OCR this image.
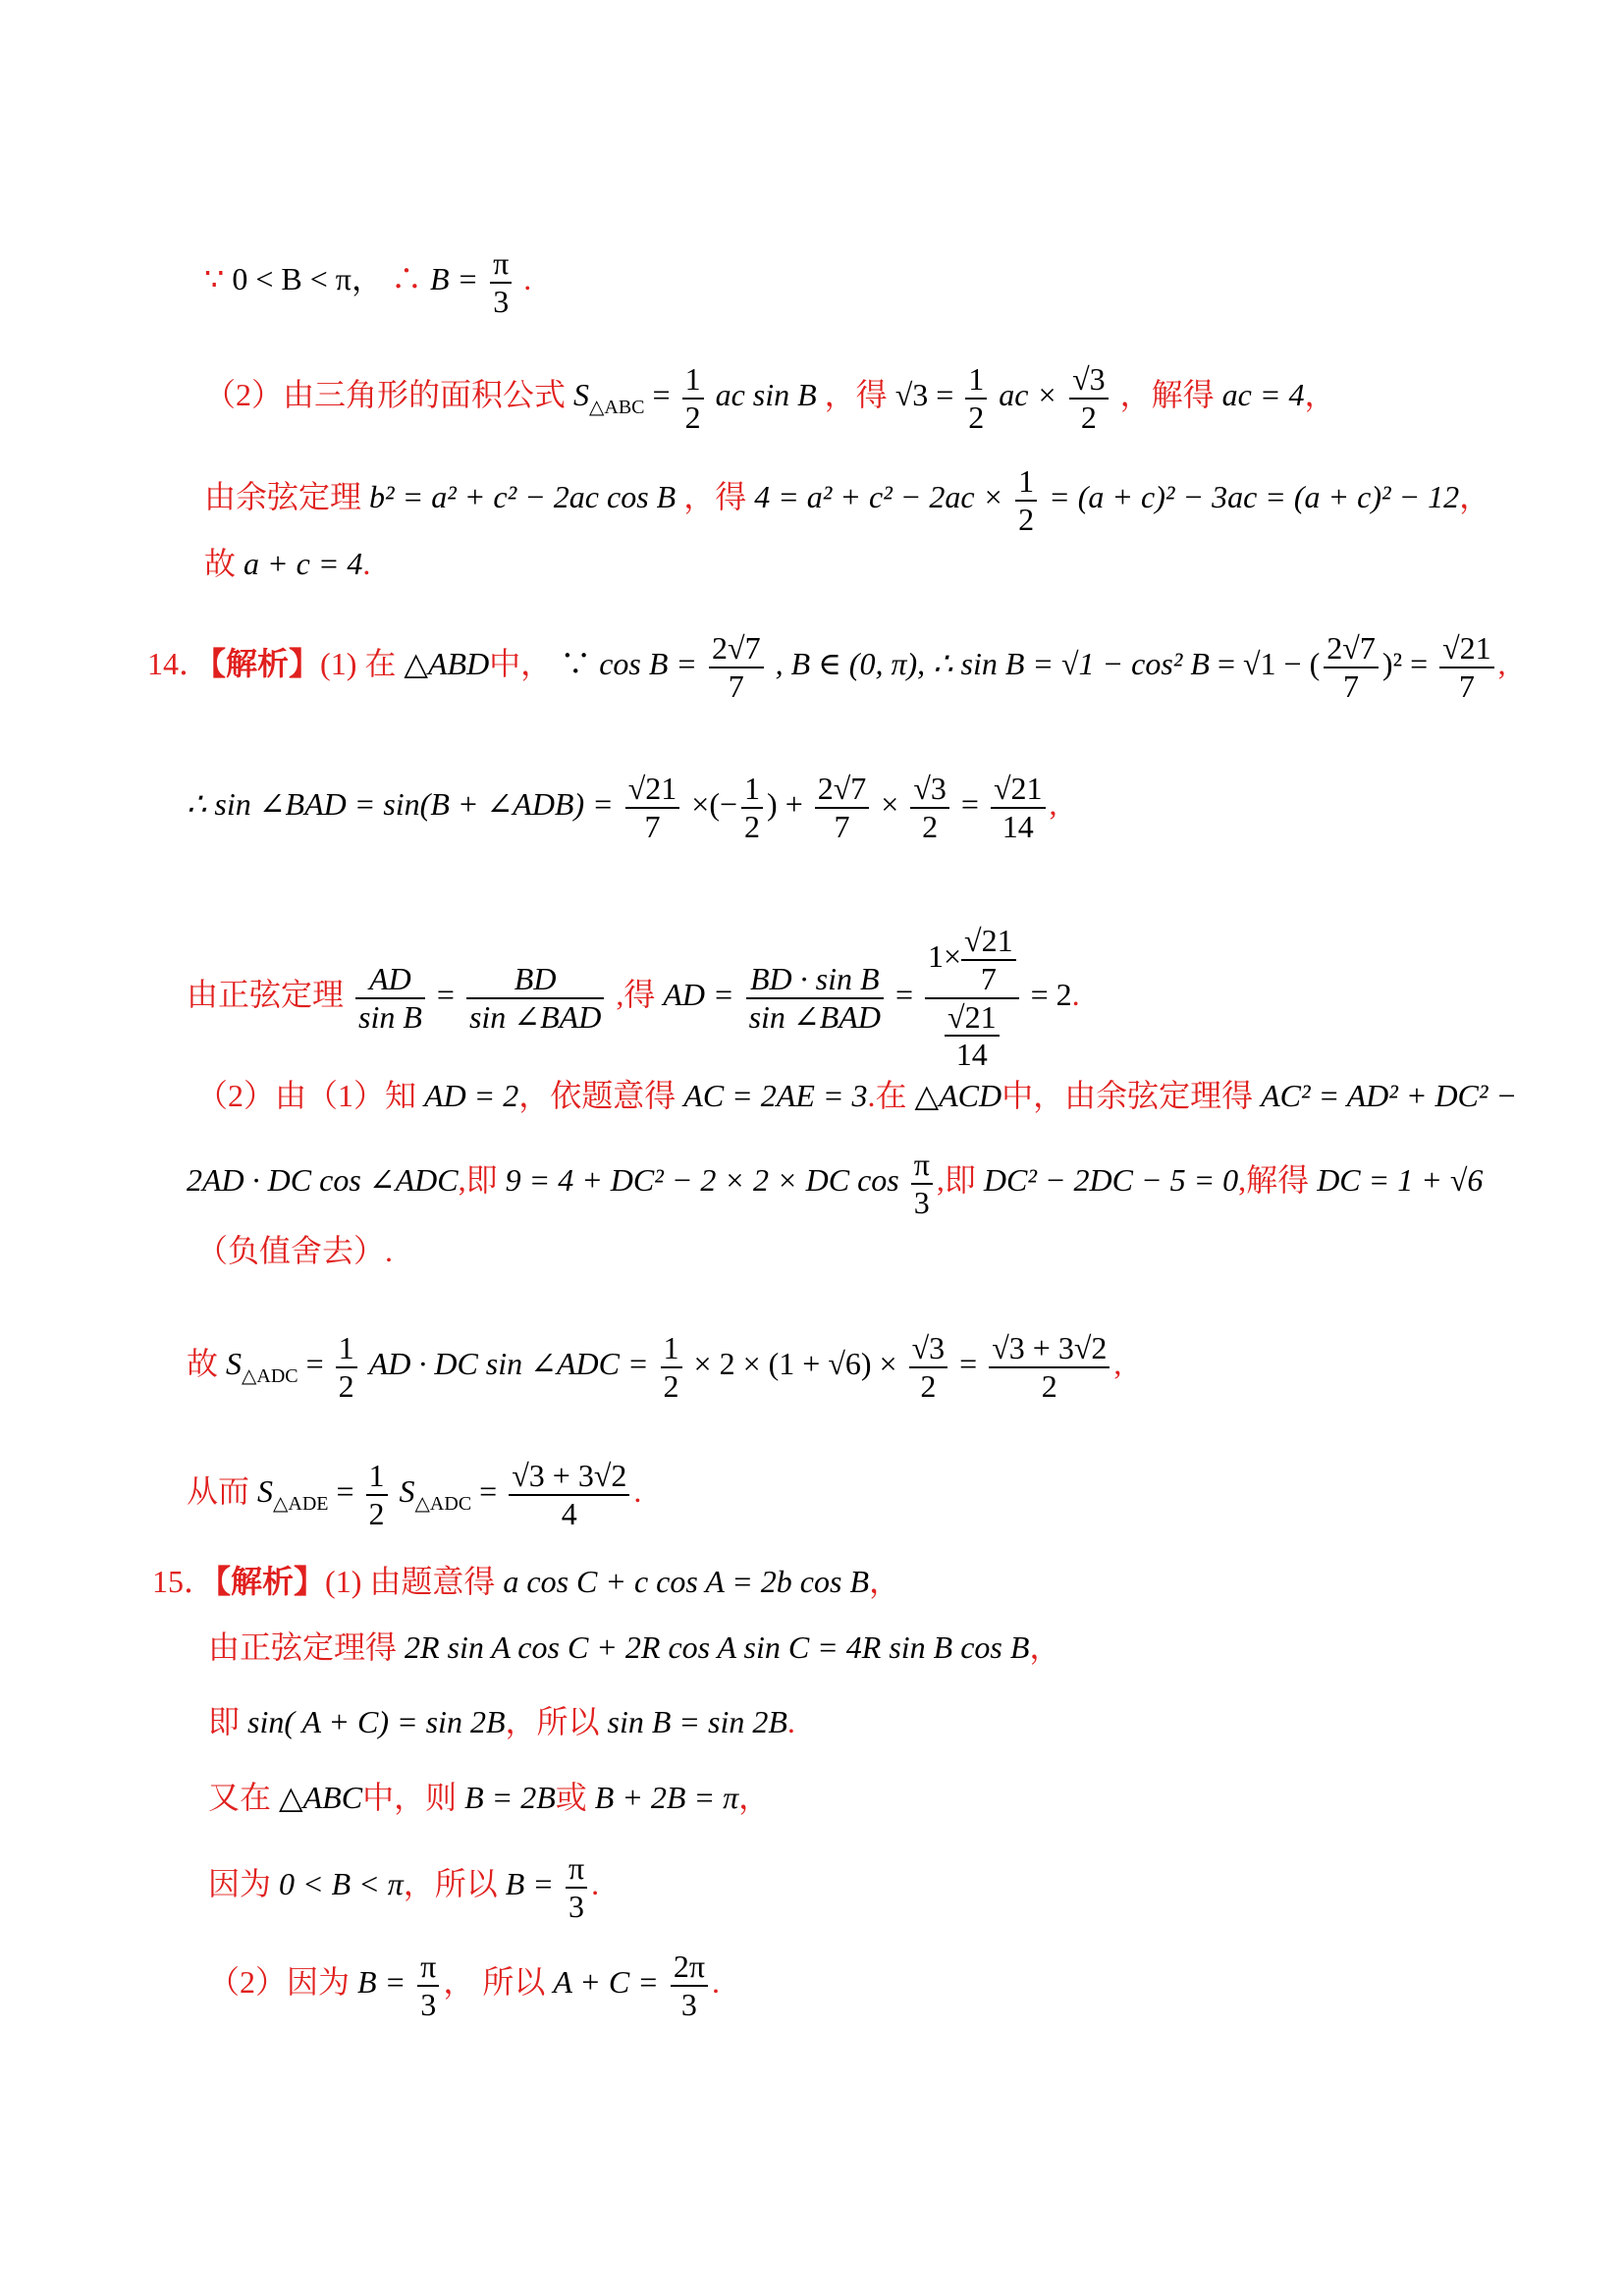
∵ 0 < B < π， ∴ $B = \frac{\pi}{3}$ .
（2）由三角形的面积公式 $S_{\triangle ABC} = \frac{1}{2}$ ac sin B ，得 $√3 = \frac{1}{2}$ ac × $\frac{√3}{2}$ ，解得 ac = 4，
由余弦定理 b² = a² + c² − 2ac cos B ，得 $4 = a^2 + c^2 - 2ac \times \frac{1}{2} = (a + c)^2 - 3ac = (a + c)^2 - 12$，
故 a + c = 4.
14．【解析】(1) 在 △ABD中， ∵ $\cos B = \frac{2√7}{7}$ , B ∈ (0, π), ∴ sin B = √1 − cos² B = √1 − ( $\frac{2√7}{7} )^2 = \frac{√21}{7}$ ,
∴ sin ∠BAD = sin(B + ∠ADB) = $\frac{√21}{7}$ ×(− $\frac{1}{2}$ ) + $\frac{2√7}{7} \times \frac{√3}{2} = \frac{√21}{14}$ ,
由正弦定理 $\frac{AD}{\text{sin B}} = \frac{BD}{\text{sin ∠BAD}}$ ,得 AD = $\frac{\text{BD · sin B}}{\text{sin ∠BAD}} = \frac{1\times \frac{√21}{7}}{\frac{√21}{14}} = 2$.
（2）由（1）知 AD = 2，依题意得 AC = 2AE = 3.在 △ACD中，由余弦定理得 AC² = AD² + DC² −
2AD · DC cos ∠ADC,即 9 = 4 + DC² − 2 × 2 × DC $\cos \frac{\pi}{3}$ ,即 DC² − 2DC − 5 = 0,解得 DC = 1 + √6
（负值舍去）.
故 $S_{\triangle ADC} = \frac{1}{2}$ AD · DC sin ∠ADC = $\frac{1}{2} \times 2 \times (1 + √6) \times \frac{√3}{2} = \frac{√3 + 3√2}{2}$ ,
从而 $S_{\triangle ADE} = \frac{1}{2} S_{\triangle ADC} = \frac{√3 + 3√2}{4}$ .
15．【解析】(1) 由题意得 a cos C + c cos A = 2b cos B，
由正弦定理得 2R sin A cos C + 2R cos A sin C = 4R sin B cos B，
即 sin( A + C) = sin 2B，所以 sin B = sin 2B.
又在 △ABC中，则 B = 2B或 B + 2B = π，
因为 0 < B < π，所以 $B = \frac{\pi}{3}$ .
（2）因为 $B = \frac{\pi}{3}$ ， 所以 $A + C = \frac{2\pi}{3}$ .
